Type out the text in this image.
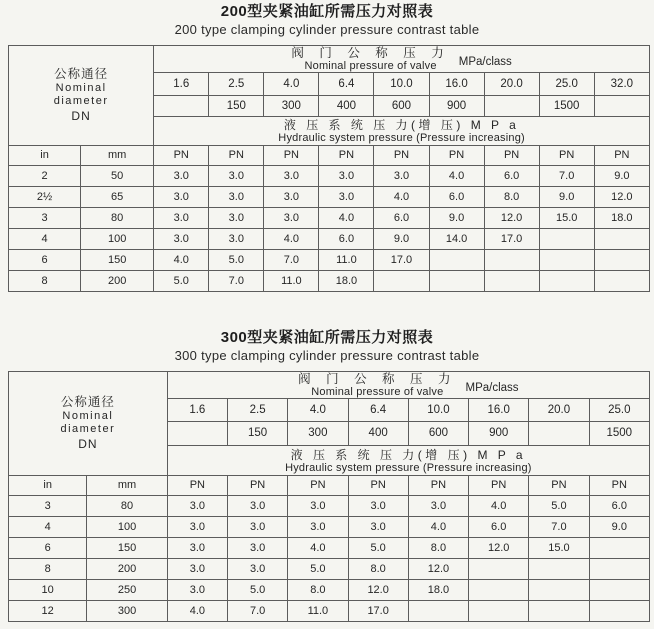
200型夹紧油缸所需压力对照表
200 type clamping cylinder pressure contrast table
公称通径
Nominal
diameter
DN

阀 门 公 称 压 力
Nominal pressure of valve	MPa/class

		1.6	2.5	4.0	6.4	10.0	16.0	20.0	25.0	32.0
			150	300	400	600	900		1500	

		液 压 系 统 压 力(增 压) M P a
Hydraulic system pressure (Pressure increasing)								

in	mm	PN	PN	PN	PN	PN	PN	PN	PN	PN
2	50	3.0	3.0	3.0	3.0	3.0	4.0	6.0	7.0	9.0
2½	65	3.0	3.0	3.0	3.0	4.0	6.0	8.0	9.0	12.0
3	80	3.0	3.0	3.0	4.0	6.0	9.0	12.0	15.0	18.0
4	100	3.0	3.0	4.0	6.0	9.0	14.0	17.0		
6	150	4.0	5.0	7.0	11.0	17.0				
8	200	5.0	7.0	11.0	18.0					
300型夹紧油缸所需压力对照表
300 type clamping cylinder pressure contrast table
公称通径
Nominal
diameter
DN

阀 门 公 称 压 力
Nominal pressure of valve	MPa/class

		1.6	2.5	4.0	6.4	10.0	16.0	20.0	25.0
			150	300	400	600	900		1500

		液 压 系 统 压 力(增 压) M P a
Hydraulic system pressure (Pressure increasing)							

in	mm	PN	PN	PN	PN	PN	PN	PN	PN
3	80	3.0	3.0	3.0	3.0	3.0	4.0	5.0	6.0
4	100	3.0	3.0	3.0	3.0	4.0	6.0	7.0	9.0
6	150	3.0	3.0	4.0	5.0	8.0	12.0	15.0	
8	200	3.0	3.0	5.0	8.0	12.0			
10	250	3.0	5.0	8.0	12.0	18.0			
12	300	4.0	7.0	11.0	17.0				
